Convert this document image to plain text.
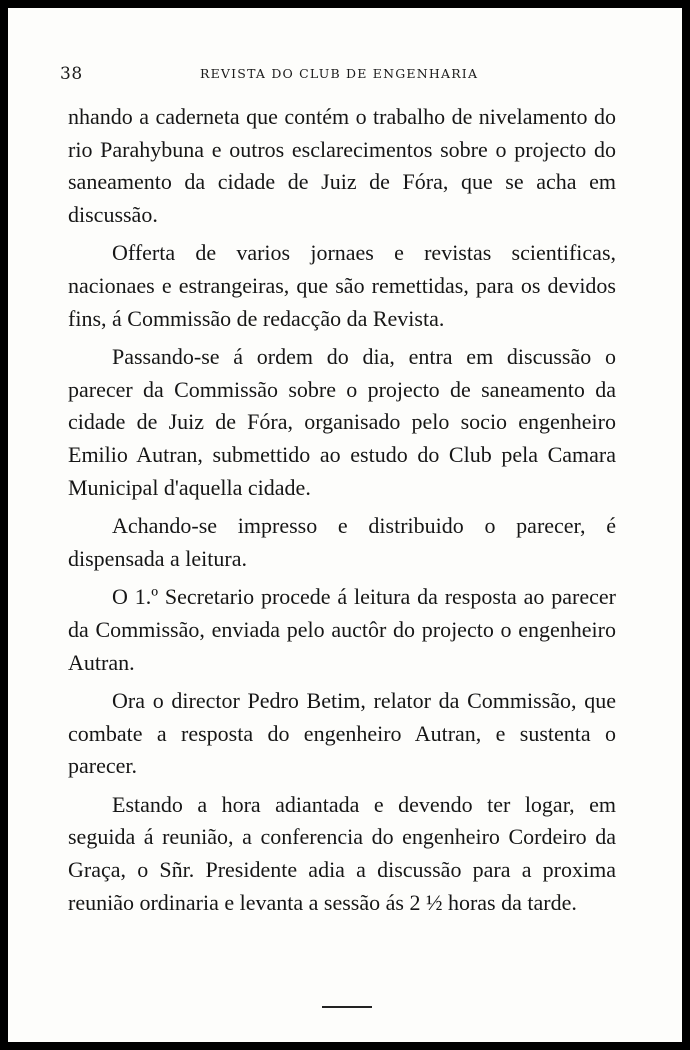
38	REVISTA DO CLUB DE ENGENHARIA

nhando a caderneta que contém o trabalho de nivelamento do rio Parahybuna e outros esclarecimentos sobre o projecto do saneamento da cidade de Juiz de Fóra, que se acha em discussão.

Offerta de varios jornaes e revistas scientificas, nacionaes e estrangeiras, que são remettidas, para os devidos fins, á Commissão de redacção da Revista.

Passando-se á ordem do dia, entra em discussão o parecer da Commissão sobre o projecto de saneamento da cidade de Juiz de Fóra, organisado pelo socio engenheiro Emilio Autran, submettido ao estudo do Club pela Camara Municipal d'aquella cidade.

Achando-se impresso e distribuido o parecer, é dispensada a leitura.

O 1.º Secretario procede á leitura da resposta ao parecer da Commissão, enviada pelo auctôr do projecto o engenheiro Autran.

Ora o director Pedro Betim, relator da Commissão, que combate a resposta do engenheiro Autran, e sustenta o parecer.

Estando a hora adiantada e devendo ter logar, em seguida á reunião, a conferencia do engenheiro Cordeiro da Graça, o Sñr. Presidente adia a discussão para a proxima reunião ordinaria e levanta a sessão ás 2 ½ horas da tarde.
